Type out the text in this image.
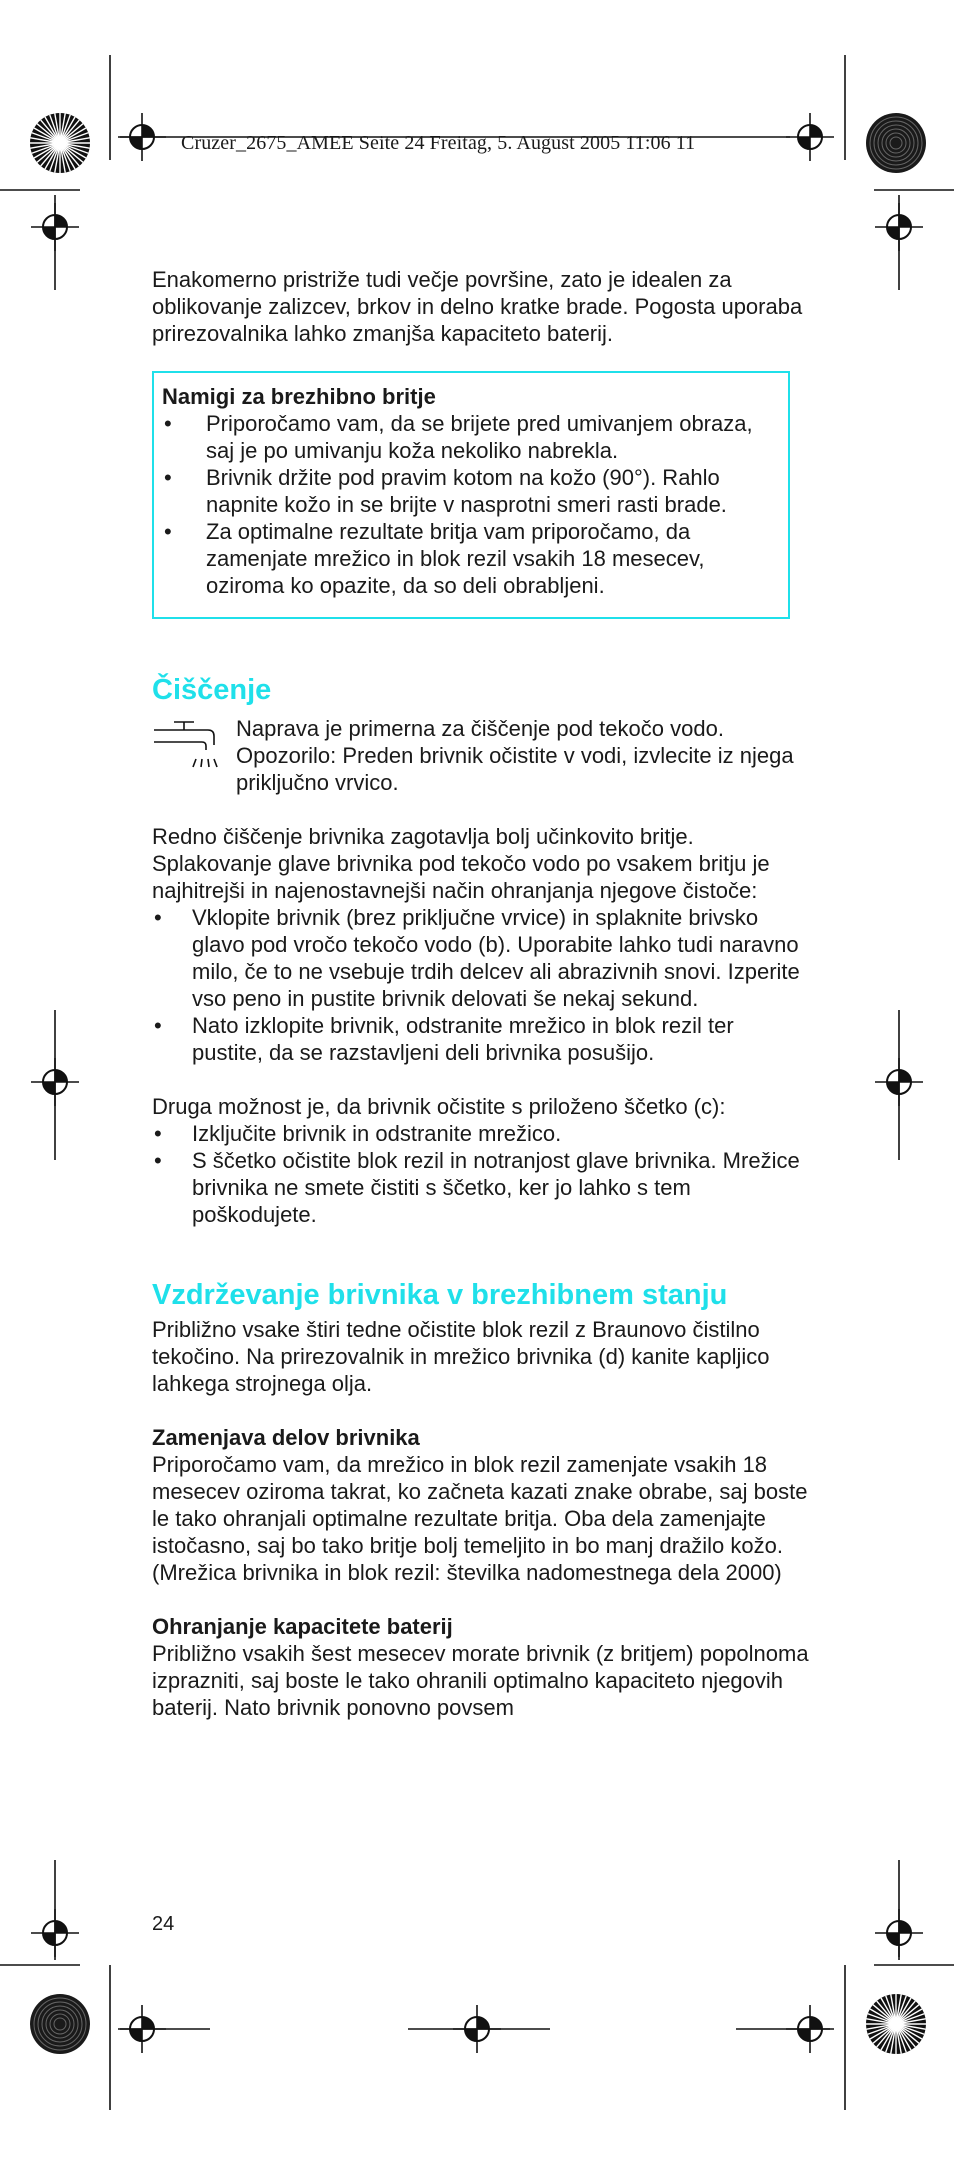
Cruzer_2675_AMEE Seite 24 Freitag, 5. August 2005 11:06 11

Enakomerno pristriže tudi večje površine, zato je idealen za oblikovanje zalizcev, brkov in delno kratke brade. Pogosta uporaba prirezovalnika lahko zmanjša kapaciteto baterij.

Namigi za brezhibno britje
• Priporočamo vam, da se brijete pred umivanjem obraza, saj je po umivanju koža nekoliko nabrekla.
• Brivnik držite pod pravim kotom na kožo (90°). Rahlo napnite kožo in se brijte v nasprotni smeri rasti brade.
• Za optimalne rezultate britja vam priporočamo, da zamenjate mrežico in blok rezil vsakih 18 mesecev, oziroma ko opazite, da so deli obrabljeni.
Čiščenje

Naprava je primerna za čiščenje pod tekočo vodo. Opozorilo: Preden brivnik očistite v vodi, izvlecite iz njega priključno vrvico.

Redno čiščenje brivnika zagotavlja bolj učinkovito britje. Splakovanje glave brivnika pod tekočo vodo po vsakem britju je najhitrejši in najenostavnejši način ohranjanja njegove čistoče:

• Vklopite brivnik (brez priključne vrvice) in splaknite brivsko glavo pod vročo tekočo vodo (b). Uporabite lahko tudi naravno milo, če to ne vsebuje trdih delcev ali abrazivnih snovi. Izperite vso peno in pustite brivnik delovati še nekaj sekund.
• Nato izklopite brivnik, odstranite mrežico in blok rezil ter pustite, da se razstavljeni deli brivnika posušijo.

Druga možnost je, da brivnik očistite s priloženo ščetko (c):

• Izključite brivnik in odstranite mrežico.
• S ščetko očistite blok rezil in notranjost glave brivnika. Mrežice brivnika ne smete čistiti s ščetko, ker jo lahko s tem poškodujete.
Vzdrževanje brivnika v brezhibnem stanju

Približno vsake štiri tedne očistite blok rezil z Braunovo čistilno tekočino. Na prirezovalnik in mrežico brivnika (d) kanite kapljico lahkega strojnega olja.

Zamenjava delov brivnika

Priporočamo vam, da mrežico in blok rezil zamenjate vsakih 18 mesecev oziroma takrat, ko začneta kazati znake obrabe, saj boste le tako ohranjali optimalne rezultate britja. Oba dela zamenjajte istočasno, saj bo tako britje bolj temeljito in bo manj dražilo kožo.

(Mrežica brivnika in blok rezil: številka nadomestnega dela 2000)

Ohranjanje kapacitete baterij

Približno vsakih šest mesecev morate brivnik (z britjem) popolnoma izprazniti, saj boste le tako ohranili optimalno kapaciteto njegovih baterij. Nato brivnik ponovno povsem

24
